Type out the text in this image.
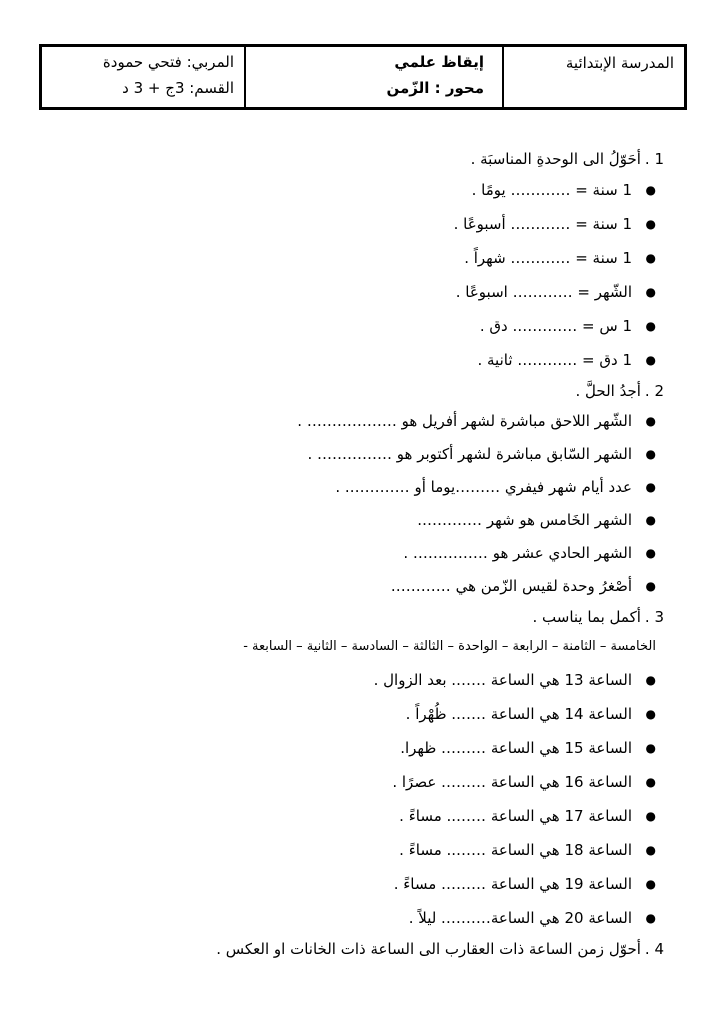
المدرسة الإبتدائية
إيقاظ علمي
محور : الزّمن
المربي: فتحي حمودة
القسم: 3ج + 3 د
1 .
أحَوّلُ الى الوحدةِ المناسبَة .
●
1 سنة = ………… يومًا .
●
1 سنة = ………… أسبوعًا .
●
1 سنة = ………… شهراً .
●
الشّهر = ………… اسبوعًا .
●
1 س = …………. دق .
●
1 دق = ………… ثانية .
2 .
أجدُ الحلَّ .
●
الشّهر اللاحق مباشرة لشهر أفريل هو ……………… .
●
الشهر السّابق مباشرة لشهر أكتوبر هو …………… .
●
عدد أيام شهر فيفري ………يوما أو …………. .
●
الشهر الخَامس هو شهر ………….
●
الشهر الحادي عشر هو …………… .
●
أصْغرُ وحدة لقيس الزّمن هي …………
3 .
أكمل بما يناسب .
الخامسة – الثامنة – الرابعة – الواحدة – الثالثة – السادسة – الثانية – السابعة -
●
الساعة 13 هي الساعة ……. بعد الزوال .
●
الساعة 14 هي الساعة ……. ظُهْراً .
●
الساعة 15 هي الساعة ……… ظهرا.
●
الساعة 16 هي الساعة ……… عصرًا .
●
الساعة 17 هي الساعة …….. مساءً .
●
الساعة 18 هي الساعة …….. مساءً .
●
الساعة 19 هي الساعة ……… مساءً .
●
الساعة 20 هي الساعة………. ليلاً .
4 .
أحوّل زمن الساعة ذات العقارب الى الساعة ذات الخانات او العكس .
